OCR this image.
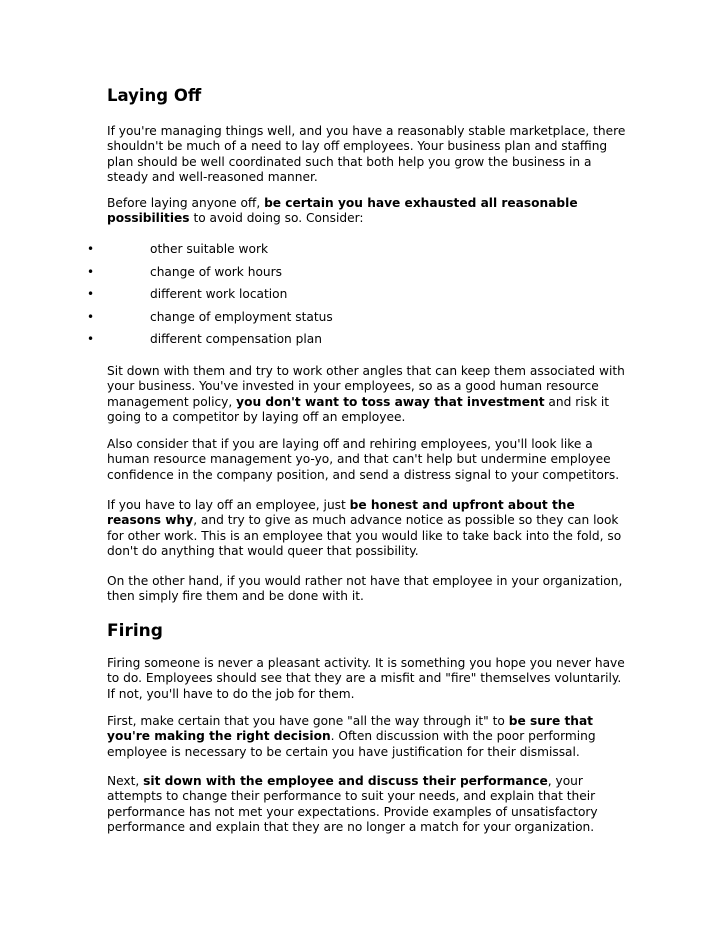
Laying Off

If you're managing things well, and you have a reasonably stable marketplace, there
shouldn't be much of a need to lay off employees. Your business plan and staffing
plan should be well coordinated such that both help you grow the business in a
steady and well-reasoned manner.

Before laying anyone off, be certain you have exhausted all reasonable
possibilities to avoid doing so. Consider:

•	other suitable work
•	change of work hours
•	different work location
•	change of employment status
•	different compensation plan

Sit down with them and try to work other angles that can keep them associated with
your business. You've invested in your employees, so as a good human resource
management policy, you don't want to toss away that investment and risk it
going to a competitor by laying off an employee.

Also consider that if you are laying off and rehiring employees, you'll look like a
human resource management yo-yo, and that can't help but undermine employee
confidence in the company position, and send a distress signal to your competitors.

If you have to lay off an employee, just be honest and upfront about the
reasons why, and try to give as much advance notice as possible so they can look
for other work. This is an employee that you would like to take back into the fold, so
don't do anything that would queer that possibility.

On the other hand, if you would rather not have that employee in your organization,
then simply fire them and be done with it.

Firing

Firing someone is never a pleasant activity. It is something you hope you never have
to do. Employees should see that they are a misfit and "fire" themselves voluntarily.
If not, you'll have to do the job for them.

First, make certain that you have gone "all the way through it" to be sure that
you're making the right decision. Often discussion with the poor performing
employee is necessary to be certain you have justification for their dismissal.

Next, sit down with the employee and discuss their performance, your
attempts to change their performance to suit your needs, and explain that their
performance has not met your expectations. Provide examples of unsatisfactory
performance and explain that they are no longer a match for your organization.
